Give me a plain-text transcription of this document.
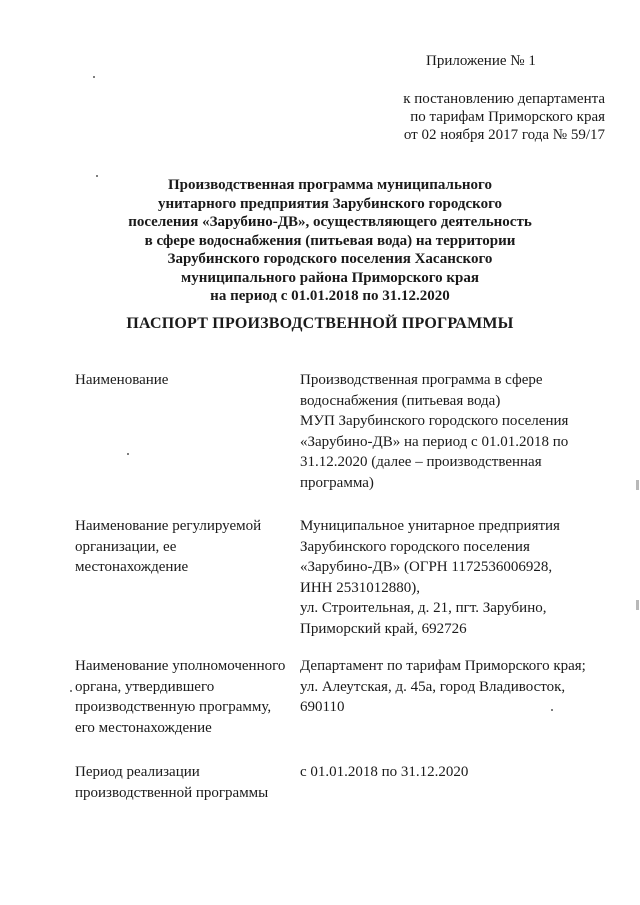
Приложение № 1
к постановлению департамента
по тарифам Приморского края
от 02 ноября 2017 года № 59/17
Производственная программа муниципального
унитарного предприятия Зарубинского городского
поселения «Зарубино-ДВ», осуществляющего деятельность
в сфере водоснабжения (питьевая вода) на территории
Зарубинского городского поселения Хасанского
муниципального района Приморского края
на период с 01.01.2018 по 31.12.2020
ПАСПОРТ ПРОИЗВОДСТВЕННОЙ ПРОГРАММЫ
Наименование	Производственная программа в сфере
водоснабжения (питьевая вода)
МУП Зарубинского городского поселения
«Зарубино-ДВ» на период с 01.01.2018 по
31.12.2020 (далее – производственная
программа)
Наименование регулируемой
организации, ее
местонахождение
Муниципальное унитарное предприятия
Зарубинского городского поселения
«Зарубино-ДВ» (ОГРН 1172536006928,
ИНН 2531012880),
ул. Строительная, д. 21, пгт. Зарубино,
Приморский край, 692726
Наименование уполномоченного
органа, утвердившего
производственную программу,
его местонахождение
Департамент по тарифам Приморского края;
ул. Алеутская, д. 45а, город Владивосток,
690110
Период реализации
производственной программы
с 01.01.2018 по 31.12.2020
